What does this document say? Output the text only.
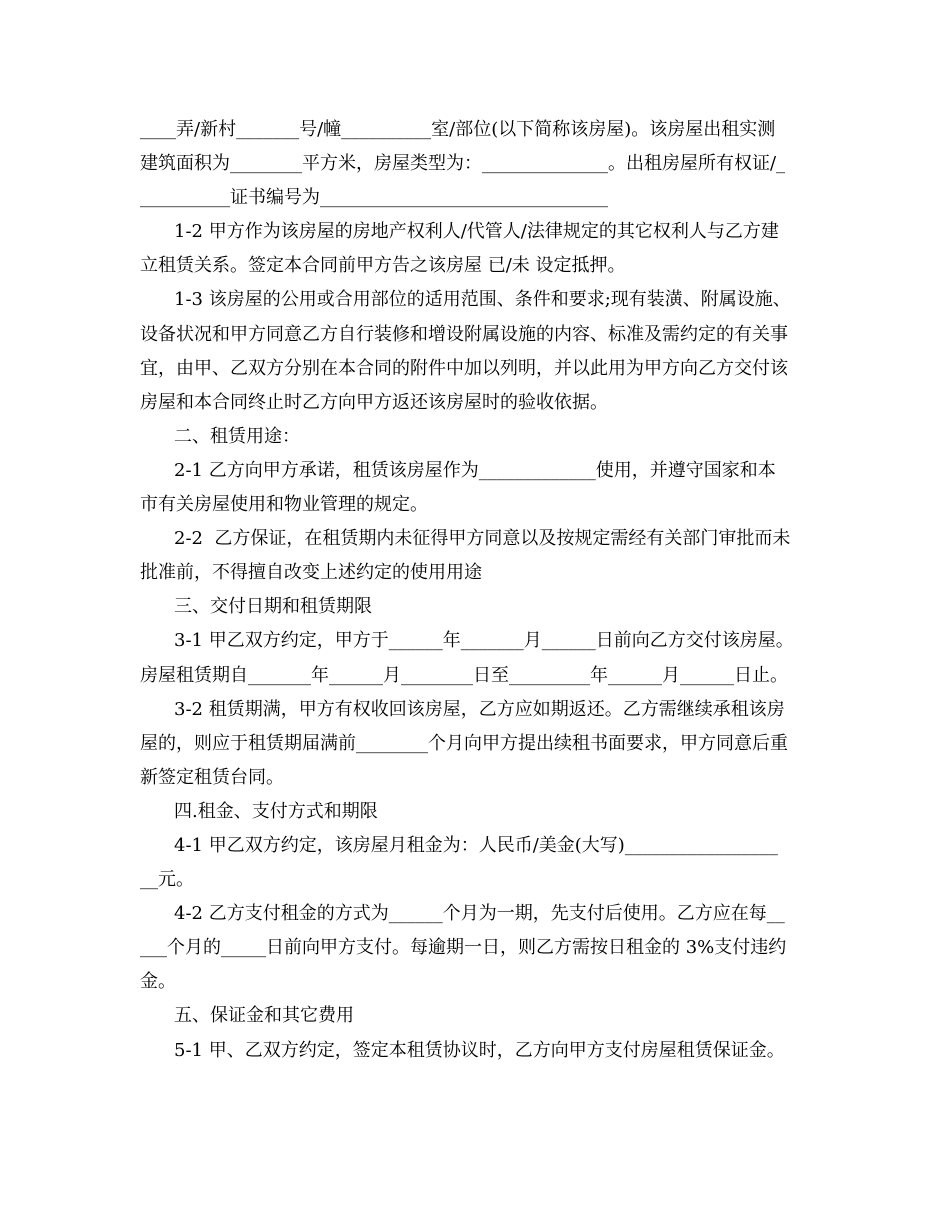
____弄/新村_______号/幢__________室/部位(以下简称该房屋)。该房屋出租实测
建筑面积为________平方米，房屋类型为：______________。出租房屋所有权证/_
__________证书编号为________________________________
1-2 甲方作为该房屋的房地产权利人/代管人/法律规定的其它权利人与乙方建
立租赁关系。签定本合同前甲方告之该房屋 已/未 设定抵押。
1-3 该房屋的公用或合用部位的适用范围、条件和要求;现有装潢、附属设施、
设备状况和甲方同意乙方自行装修和增设附属设施的内容、标准及需约定的有关事
宜，由甲、乙双方分别在本合同的附件中加以列明，并以此用为甲方向乙方交付该
房屋和本合同终止时乙方向甲方返还该房屋时的验收依据。
二、租赁用途：
2-1 乙方向甲方承诺，租赁该房屋作为_____________使用，并遵守国家和本
市有关房屋使用和物业管理的规定。
2-2  乙方保证，在租赁期内未征得甲方同意以及按规定需经有关部门审批而未
批准前，不得擅自改变上述约定的使用用途
三、交付日期和租赁期限
3-1 甲乙双方约定，甲方于______年_______月______日前向乙方交付该房屋。
房屋租赁期自_______年______月________日至_________年______月______日止。
3-2 租赁期满，甲方有权收回该房屋，乙方应如期返还。乙方需继续承租该房
屋的，则应于租赁期届满前________个月向甲方提出续租书面要求，甲方同意后重
新签定租赁台同。
四.租金、支付方式和期限
4-1 甲乙双方约定，该房屋月租金为：人民币/美金(大写)_________________
__元。
4-2 乙方支付租金的方式为______个月为一期，先支付后使用。乙方应在每__
___个月的_____日前向甲方支付。每逾期一日，则乙方需按日租金的 3%支付违约
金。
五、保证金和其它费用
5-1 甲、乙双方约定，签定本租赁协议时，乙方向甲方支付房屋租赁保证金。
